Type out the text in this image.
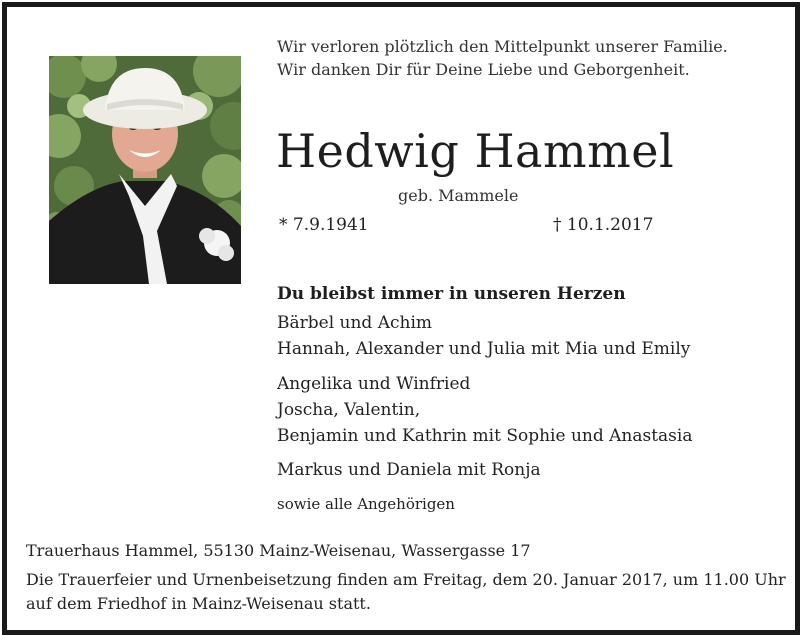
Wir verloren plötzlich den Mittelpunkt unserer Familie.
Wir danken Dir für Deine Liebe und Geborgenheit.
Hedwig Hammel
geb. Mammele
* 7.9.1941	† 10.1.2017
Du bleibst immer in unseren Herzen
Bärbel und Achim
Hannah, Alexander und Julia mit Mia und Emily
Angelika und Winfried
Joscha, Valentin,
Benjamin und Kathrin mit Sophie und Anastasia
Markus und Daniela mit Ronja
sowie alle Angehörigen
Trauerhaus Hammel, 55130 Mainz-Weisenau, Wassergasse 17
Die Trauerfeier und Urnenbeisetzung finden am Freitag, dem 20. Januar 2017, um 11.00 Uhr
auf dem Friedhof in Mainz-Weisenau statt.
